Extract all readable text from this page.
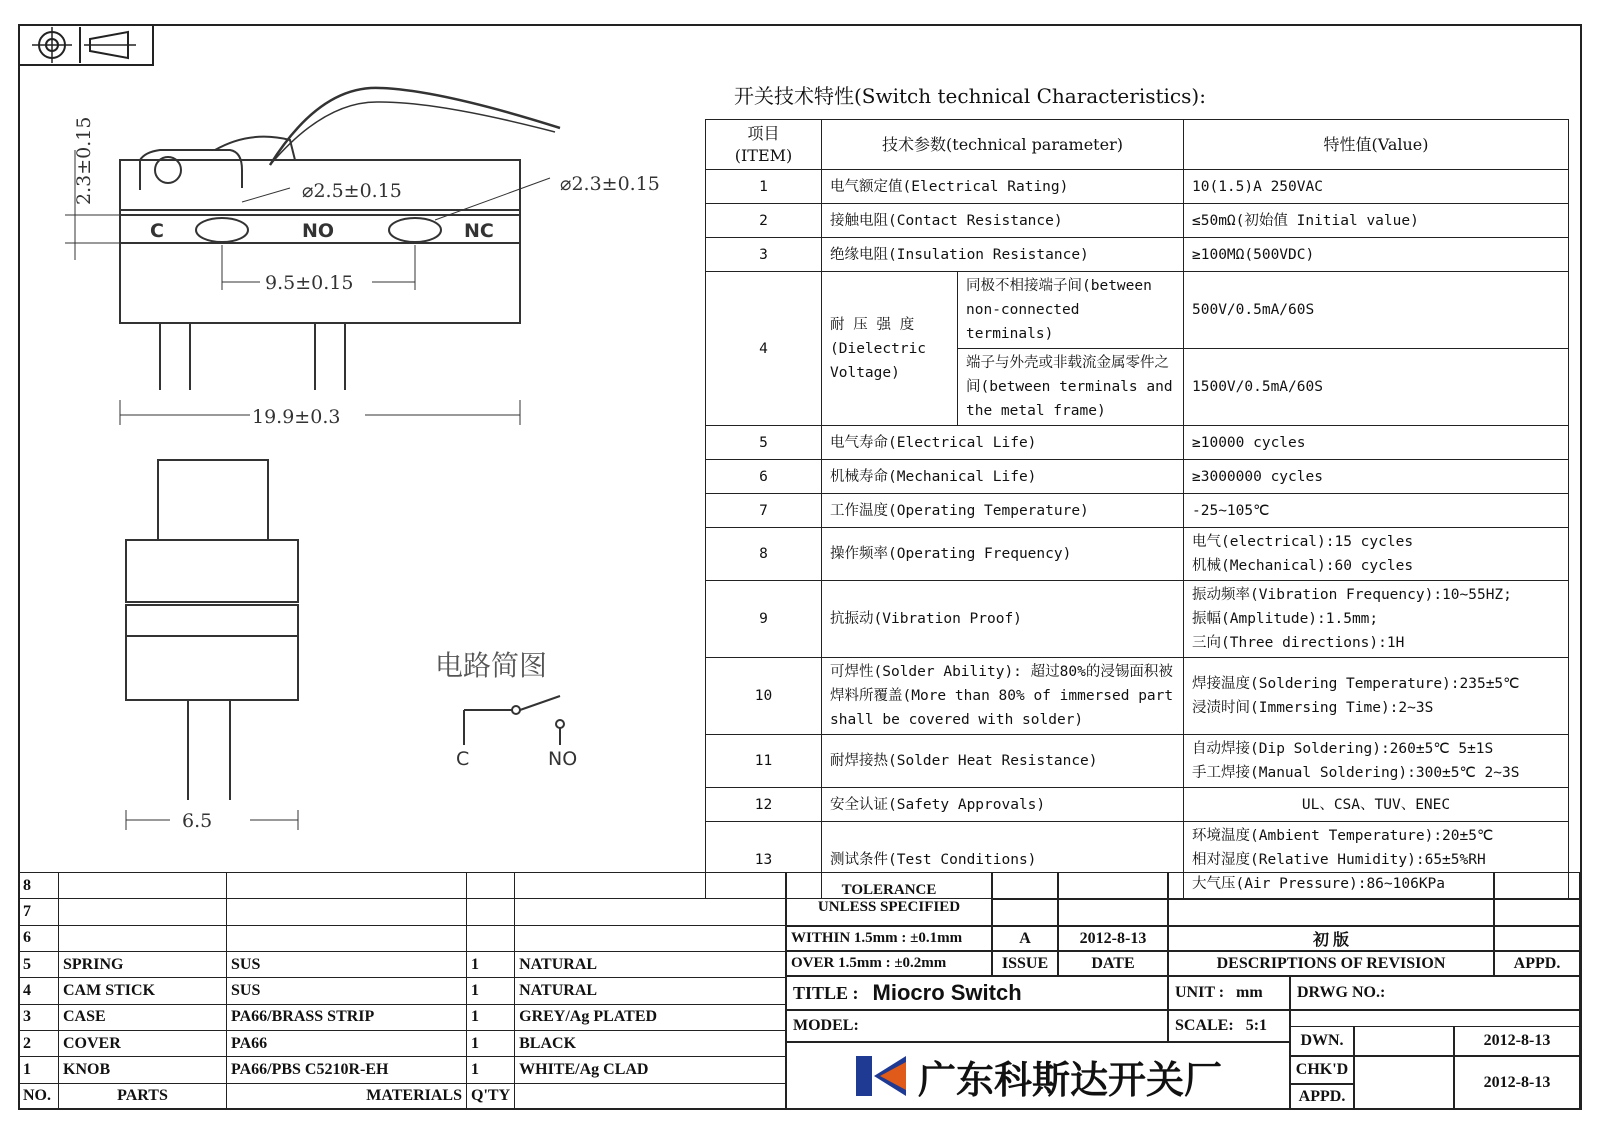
⌀2.5±0.15	⌀2.3±0.15
9.5±0.15
19.9±0.3
6.5
2.3±0.15
C	NO	NC
电路简图
C	NO
开关技术特性(Switch technical Characteristics):
项目
(ITEM)	技术参数(technical parameter)		特性值(Value)
1	电气额定值(Electrical Rating)		10(1.5)A 250VAC
2	接触电阻(Contact Resistance)		≤50mΩ(初始值 Initial value)
3	绝缘电阻(Insulation Resistance)		≥100MΩ(500VDC)
4	耐 压 强 度 (Dielectric Voltage)	同极不相接端子间(between non-connected terminals)	500V/0.5mA/60S
		端子与外壳或非载流金属零件之间(between terminals and the metal frame)	1500V/0.5mA/60S
5	电气寿命(Electrical Life)		≥10000 cycles
6	机械寿命(Mechanical Life)		≥3000000 cycles
7	工作温度(Operating Temperature)		-25~105℃
8	操作频率(Operating Frequency)		电气(electrical):15 cycles
机械(Mechanical):60 cycles

9	抗振动(Vibration Proof)		振动频率(Vibration Frequency):10~55HZ;
振幅(Amplitude):1.5mm;
三向(Three directions):1H

10	可焊性(Solder Ability): 超过80%的浸锡面积被焊料所覆盖(More than 80% of immersed part shall be covered with solder)		焊接温度(Soldering Temperature):235±5℃
浸渍时间(Immersing Time):2~3S

11	耐焊接热(Solder Heat Resistance)		自动焊接(Dip Soldering):260±5℃ 5±1S
手工焊接(Manual Soldering):300±5℃ 2~3S

12	安全认证(Safety Approvals)		UL、CSA、TUV、ENEC
13	测试条件(Test Conditions)		环境温度(Ambient Temperature):20±5℃
相对湿度(Relative Humidity):65±5%RH
大气压(Air Pressure):86~106KPa
8				
7				
6				
5	SPRING	SUS	1	NATURAL
4	CAM STICK	SUS	1	NATURAL
3	CASE	PA66/BRASS STRIP	1	GREY/Ag PLATED
2	COVER	PA66	1	BLACK
1	KNOB	PA66/PBS C5210R-EH	1	WHITE/Ag CLAD
NO.	PARTS	MATERIALS	Q'TY	
TOLERANCE
UNLESS SPECIFIED
WITHIN 1.5mm : ±0.1mm	A	2012-8-13	初 版
OVER 1.5mm : ±0.2mm	ISSUE	DATE	DESCRIPTIONS OF REVISION	APPD.
TITLE : Miocro Switch	UNIT : mm	DRWG NO.:
MODEL:	SCALE: 5:1
广东科斯达开关厂
DWN.	2012-8-13
CHK'D
2012-8-13
APPD.
